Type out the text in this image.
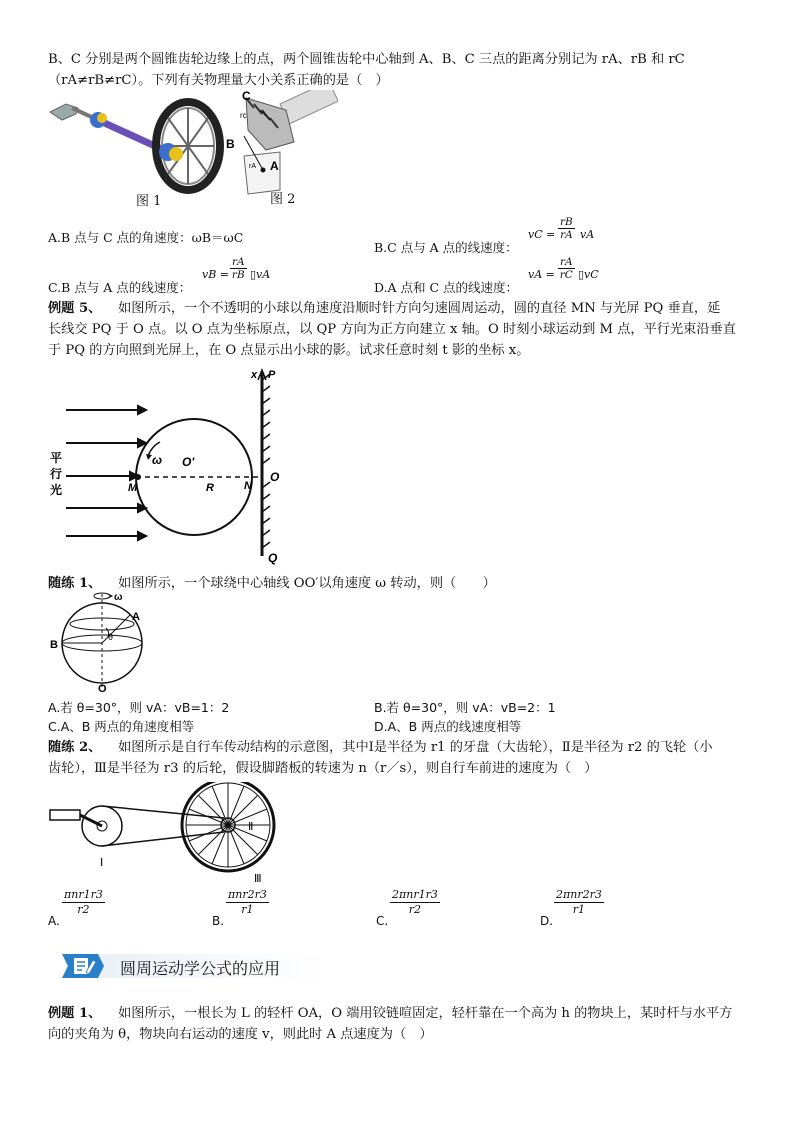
B、C 分别是两个圆锥齿轮边缘上的点，两个圆锥齿轮中心轴到 A、B、C 三点的距离分别记为 rA、rB 和 rC
（rA≠rB≠rC）。下列有关物理量大小关系正确的是（　）
C
B
A
rc
rA
图 1	图 2
A.B 点与 C 点的角速度：ωB＝ωC
B.C 点与 A 点的线速度：
vC = $\frac{rB}{rA}$ vA
C.B 点与 A 点的线速度：
vB = $\frac{rA}{rB}$ ▯vA
D.A 点和 C 点的线速度：
vA = $\frac{rA}{rC}$ ▯vC
例题 5、 如图所示，一个不透明的小球以角速度沿顺时针方向匀速圆周运动，圆的直径 MN 与光屏 PQ 垂直，延
长线交 PQ 于 O 点。以 O 点为坐标原点，以 QP 方向为正方向建立 x 轴。O 时刻小球运动到 M 点，平行光束沿垂直
于 PQ 的方向照到光屏上，在 O 点显示出小球的影。试求任意时刻 t 影的坐标 x。
x P
Q
O
O'
M	N
R
ω
平
行
光
随练 1、 如图所示，一个球绕中心轴线 OO′以角速度 ω 转动，则（　　）
ω
A
B
θ
O
A.若 θ=30°，则 vA：vB=1：2	B.若 θ=30°，则 vA：vB=2：1
C.A、B 两点的角速度相等	D.A、B 两点的线速度相等
随练 2、 如图所示是自行车传动结构的示意图，其中Ⅰ是半径为 r1 的牙盘（大齿轮），Ⅱ是半径为 r2 的飞轮（小
齿轮），Ⅲ是半径为 r3 的后轮，假设脚踏板的转速为 n（r／s），则自行车前进的速度为（　）
Ⅰ
Ⅱ
Ⅲ
A.
πnr1r3
r2
B.
πnr2r3
r1
C.
2πnr1r3
r2
D.
2πnr2r3
r1
圆周运动学公式的应用
例题 1、 如图所示，一根长为 L 的轻杆 OA，O 端用铰链喧固定，轻杆靠在一个高为 h 的物块上，某时杆与水平方
向的夹角为 θ，物块向右运动的速度 v，则此时 A 点速度为（　）
